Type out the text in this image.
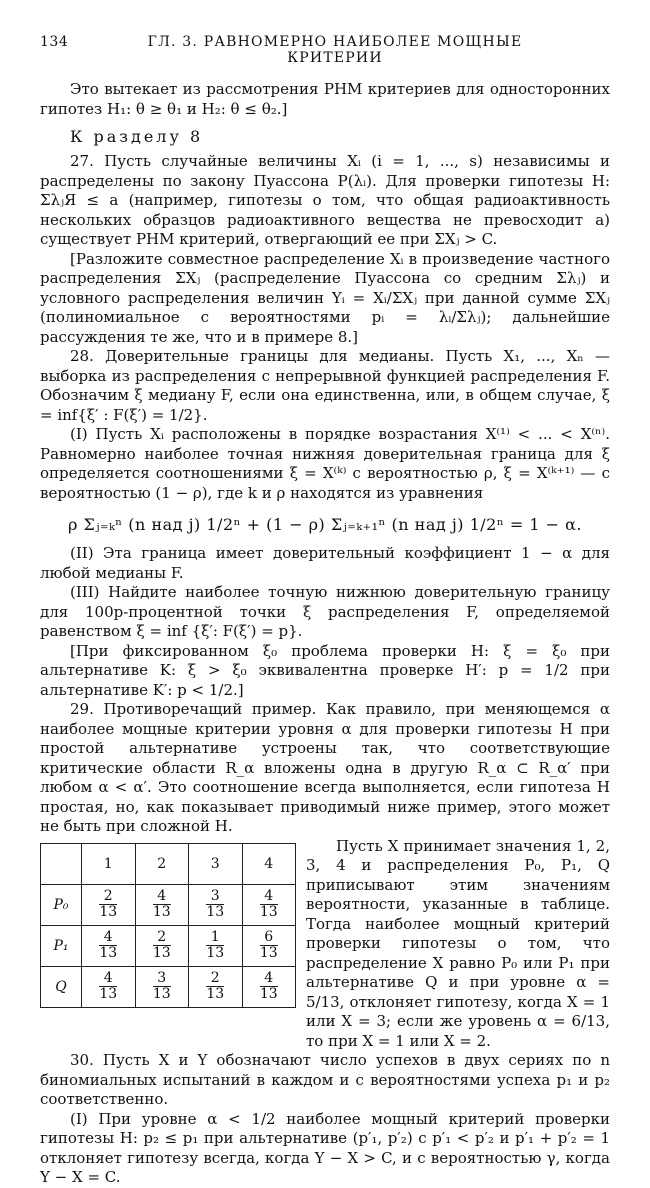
134	ГЛ. 3. РАВНОМЕРНО НАИБОЛЕЕ МОЩНЫЕ КРИТЕРИИ

Это вытекает из рассмотрения РНМ критериев для односторонних гипотез H₁: θ ≥ θ₁ и H₂: θ ≤ θ₂.]

К разделу 8

27. Пусть случайные величины Xᵢ (i = 1, ..., s) независимы и распределены по закону Пуассона P(λᵢ). Для проверки гипотезы H: ΣλⱼЯ ≤ a (например, гипотезы о том, что общая радиоактивность нескольких образцов радиоактивного вещества не превосходит a) существует РНМ критерий, отвергающий ее при ΣXⱼ > C.

[Разложите совместное распределение Xᵢ в произведение частного распределения ΣXⱼ (распределение Пуассона со средним Σλⱼ) и условного распределения величин Yᵢ = Xᵢ/ΣXⱼ при данной сумме ΣXⱼ (полиномиальное с вероятностями pᵢ = λᵢ/Σλⱼ); дальнейшие рассуждения те же, что и в примере 8.]

28. Доверительные границы для медианы. Пусть X₁, ..., Xₙ — выборка из распределения с непрерывной функцией распределения F. Обозначим ξ медиану F, если она единственна, или, в общем случае, ξ = inf{ξ′ : F(ξ′) = 1/2}.

(I) Пусть Xᵢ расположены в порядке возрастания X⁽¹⁾ < ... < X⁽ⁿ⁾. Равномерно наиболее точная нижняя доверительная граница для ξ определяется соотношениями ξ = X⁽ᵏ⁾ с вероятностью ρ, ξ = X⁽ᵏ⁺¹⁾ — с вероятностью (1 − ρ), где k и ρ находятся из уравнения

ρ Σⱼ₌ₖⁿ (n над j) 1/2ⁿ + (1 − ρ) Σⱼ₌ₖ₊₁ⁿ (n над j) 1/2ⁿ = 1 − α.

(II) Эта граница имеет доверительный коэффициент 1 − α для любой медианы F.

(III) Найдите наиболее точную нижнюю доверительную границу для 100p-процентной точки ξ распределения F, определяемой равенством ξ = inf {ξ′: F(ξ′) = p}.

[При фиксированном ξ₀ проблема проверки H: ξ = ξ₀ при альтернативе K: ξ > ξ₀ эквивалентна проверке H′: p = 1/2 при альтернативе K′: p < 1/2.]

29. Противоречащий пример. Как правило, при меняющемся α наиболее мощные критерии уровня α для проверки гипотезы H при простой альтернативе устроены так, что соответствующие критические области R_α вложены одна в другую R_α ⊂ R_α′ при любом α < α′. Это соотношение всегда выполняется, если гипотеза H простая, но, как показывает приводимый ниже пример, этого может не быть при сложной H.

	1	2	3	4
P₀	$\frac{2}{13}$	$\frac{4}{13}$	$\frac{3}{13}$	$\frac{4}{13}$

P₁	$\frac{4}{13}$	$\frac{2}{13}$	$\frac{1}{13}$	$\frac{6}{13}$

Q	$\frac{4}{13}$	$\frac{3}{13}$	$\frac{2}{13}$	$\frac{4}{13}$

Пусть X принимает значения 1, 2, 3, 4 и распределения P₀, P₁, Q приписывают этим значениям вероятности, указанные в таблице. Тогда наиболее мощный критерий проверки гипотезы о том, что распределение X равно P₀ или P₁ при альтернативе Q и при уровне α = 5/13, отклоняет гипотезу, когда X = 1 или X = 3; если же уровень α = 6/13, то при X = 1 или X = 2.

30. Пусть X и Y обозначают число успехов в двух сериях по n биномиальных испытаний в каждом и с вероятностями успеха p₁ и p₂ соответственно.

(I) При уровне α < 1/2 наиболее мощный критерий проверки гипотезы H: p₂ ≤ p₁ при альтернативе (p′₁, p′₂) с p′₁ < p′₂ и p′₁ + p′₂ = 1 отклоняет гипотезу всегда, когда Y − X > C, и с вероятностью γ, когда Y − X = C.
